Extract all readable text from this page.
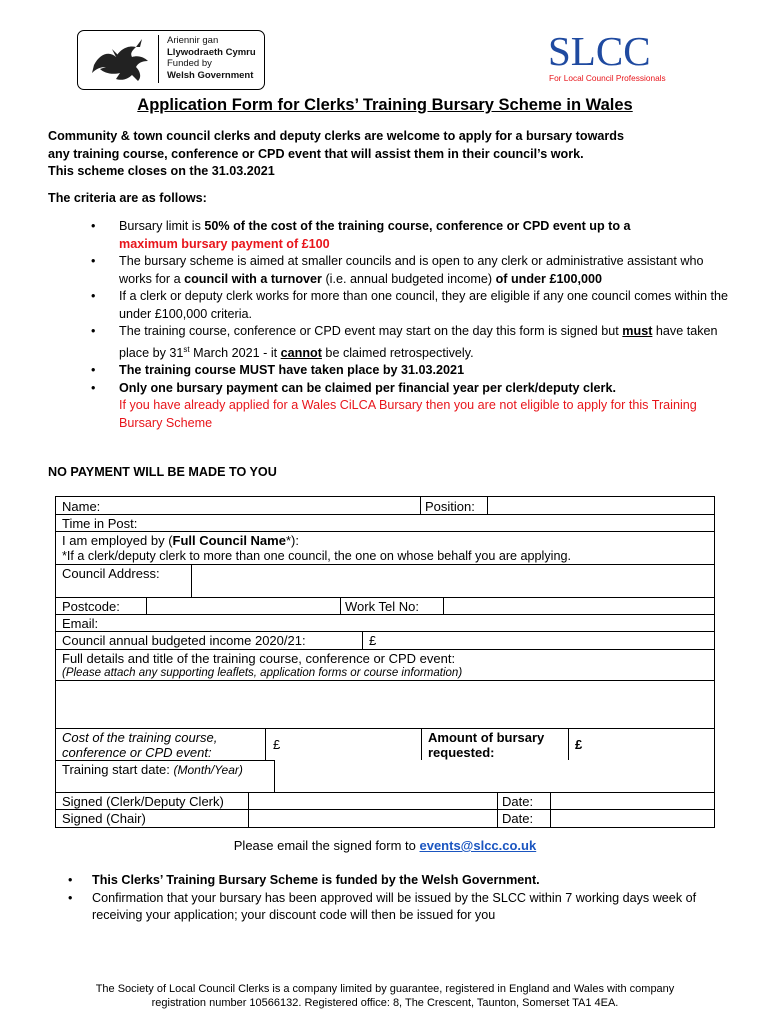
Ariennir gan
Llywodraeth Cymru
Funded by
Welsh Government
SLCC
For Local Council Professionals
Application Form for Clerks’ Training Bursary Scheme in Wales
Community & town council clerks and deputy clerks are welcome to apply for a bursary towards
any training course, conference or CPD event that will assist them in their council’s work.
This scheme closes on the 31.03.2021
The criteria are as follows:
• Bursary limit is 50% of the cost of the training course, conference or CPD event up to a
maximum bursary payment of £100
• The bursary scheme is aimed at smaller councils and is open to any clerk or administrative assistant who works for a council with a turnover (i.e. annual budgeted income) of under £100,000
• If a clerk or deputy clerk works for more than one council, they are eligible if any one council comes within the under £100,000 criteria.
• The training course, conference or CPD event may start on the day this form is signed but must have taken place by 31st March 2021 - it cannot be claimed retrospectively.
• The training course MUST have taken place by 31.03.2021
• Only one bursary payment can be claimed per financial year per clerk/deputy clerk.
If you have already applied for a Wales CiLCA Bursary then you are not eligible to apply for this Training Bursary Scheme
NO PAYMENT WILL BE MADE TO YOU
Name:	Position:
Time in Post:
I am employed by (Full Council Name*):
*If a clerk/deputy clerk to more than one council, the one on whose behalf you are applying.
Council Address:
Postcode:	Work Tel No:
Email:
Council annual budgeted income 2020/21:	£
Full details and title of the training course, conference or CPD event:
(Please attach any supporting leaflets, application forms or course information)
Cost of the training course,
conference or CPD event:
£	Amount of bursary
requested:
£
Training start date: (Month/Year)
Signed (Clerk/Deputy Clerk)	Date:
Signed (Chair)	Date:
Please email the signed form to events@slcc.co.uk
• This Clerks’ Training Bursary Scheme is funded by the Welsh Government.
• Confirmation that your bursary has been approved will be issued by the SLCC within 7 working days week of receiving your application; your discount code will then be issued for you
The Society of Local Council Clerks is a company limited by guarantee, registered in England and Wales with company
registration number 10566132. Registered office: 8, The Crescent, Taunton, Somerset TA1 4EA.
